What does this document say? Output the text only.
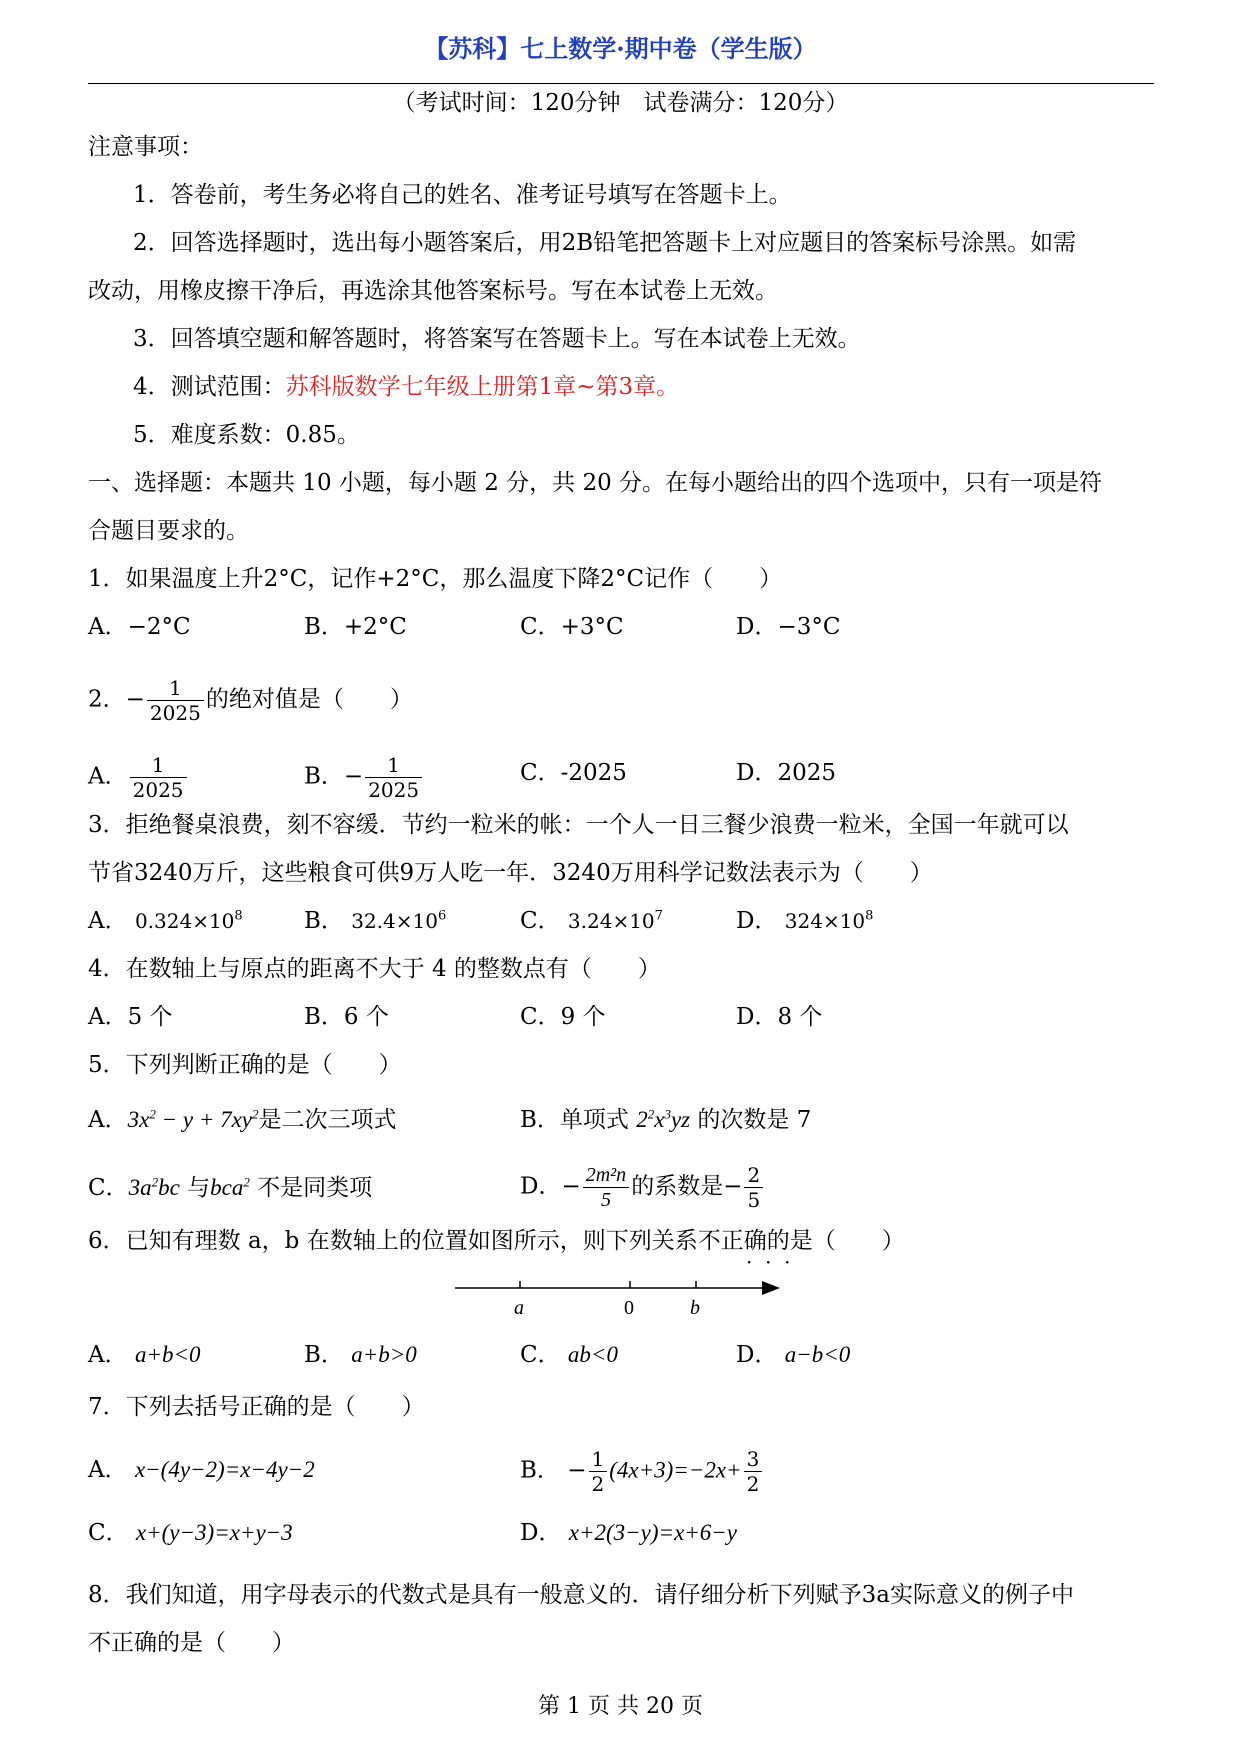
【苏科】七上数学·期中卷（学生版）
（考试时间：120分钟　试卷满分：120分）
注意事项：
1．答卷前，考生务必将自己的姓名、准考证号填写在答题卡上。
2．回答选择题时，选出每小题答案后，用2B铅笔把答题卡上对应题目的答案标号涂黑。如需
改动，用橡皮擦干净后，再选涂其他答案标号。写在本试卷上无效。
3．回答填空题和解答题时，将答案写在答题卡上。写在本试卷上无效。
4．测试范围：苏科版数学七年级上册第1章~第3章。
5．难度系数：0.85。
一、选择题：本题共 10 小题，每小题 2 分，共 20 分。在每小题给出的四个选项中，只有一项是符
合题目要求的。
1．如果温度上升2°C，记作+2°C，那么温度下降2°C记作（　　）
A．−2°C	B．+2°C	C．+3°C	D．−3°C
2．− $\frac{1}{2025}$ 的绝对值是（　　）
A． $\frac{1}{2025}$	B．− $\frac{1}{2025}$	C．-2025	D．2025
3．拒绝餐桌浪费，刻不容缓．节约一粒米的帐：一个人一日三餐少浪费一粒米，全国一年就可以
节省3240万斤，这些粮食可供9万人吃一年．3240万用科学记数法表示为（　　）
A． $0.324\times 10^8$	B． $32.4\times 10^6$	C． $3.24\times 10^7$	D． $324\times 10^8$
4．在数轴上与原点的距离不大于 4 的整数点有（　　）
A．5 个	B．6 个	C．9 个	D．8 个
5．下列判断正确的是（　　）
A．$3x^2 - y + 7xy^2$是二次三项式	B．单项式 $2^2x^3yz$ 的次数是 7
C．$3a^2bc$ 与bca$^2$ 不是同类项	D．− $\frac{\text{2m²n}}{5}$ 的系数是− $\frac{2}{5}$
6．已知有理数 a，b 在数轴上的位置如图所示，则下列关系不正确的是（　　）
·  ·  ·
a	0	b
A． a+b<0	B． a+b>0	C． ab<0	D． a−b<0
7．下列去括号正确的是（　　）
A． x−(4y−2)=x−4y−2	B． − $\frac{1}{2} (4x+3)=-2x+ \frac{3}{2}$
C． x+(y−3)=x+y−3	D． x+2(3−y)=x+6−y
8．我们知道，用字母表示的代数式是具有一般意义的．请仔细分析下列赋予3a实际意义的例子中
不正确的是（　　）
第 1 页 共 20 页
